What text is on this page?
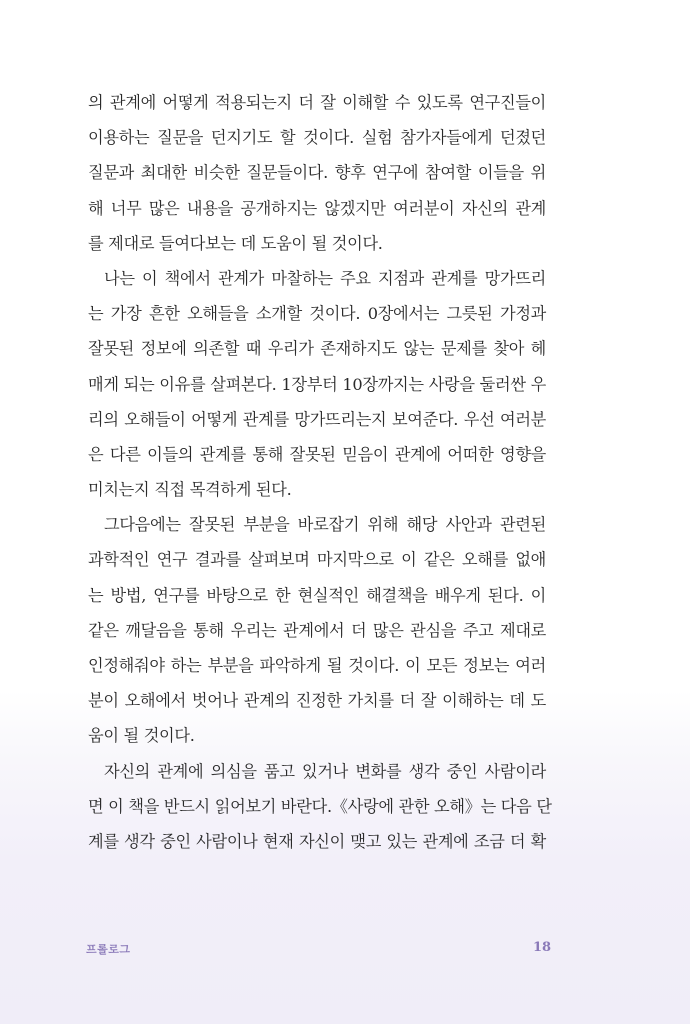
의 관계에 어떻게 적용되는지 더 잘 이해할 수 있도록 연구진들이
이용하는 질문을 던지기도 할 것이다. 실험 참가자들에게 던졌던
질문과 최대한 비슷한 질문들이다. 향후 연구에 참여할 이들을 위
해 너무 많은 내용을 공개하지는 않겠지만 여러분이 자신의 관계
를 제대로 들여다보는 데 도움이 될 것이다.
나는 이 책에서 관계가 마찰하는 주요 지점과 관계를 망가뜨리
는 가장 흔한 오해들을 소개할 것이다. 0장에서는 그릇된 가정과
잘못된 정보에 의존할 때 우리가 존재하지도 않는 문제를 찾아 헤
매게 되는 이유를 살펴본다. 1장부터 10장까지는 사랑을 둘러싼 우
리의 오해들이 어떻게 관계를 망가뜨리는지 보여준다. 우선 여러분
은 다른 이들의 관계를 통해 잘못된 믿음이 관계에 어떠한 영향을
미치는지 직접 목격하게 된다.
그다음에는 잘못된 부분을 바로잡기 위해 해당 사안과 관련된
과학적인 연구 결과를 살펴보며 마지막으로 이 같은 오해를 없애
는 방법, 연구를 바탕으로 한 현실적인 해결책을 배우게 된다. 이
같은 깨달음을 통해 우리는 관계에서 더 많은 관심을 주고 제대로
인정해줘야 하는 부분을 파악하게 될 것이다. 이 모든 정보는 여러
분이 오해에서 벗어나 관계의 진정한 가치를 더 잘 이해하는 데 도
움이 될 것이다.
자신의 관계에 의심을 품고 있거나 변화를 생각 중인 사람이라
면 이 책을 반드시 읽어보기 바란다.《사랑에 관한 오해》는 다음 단
계를 생각 중인 사람이나 현재 자신이 맺고 있는 관계에 조금 더 확
프롤로그	18
